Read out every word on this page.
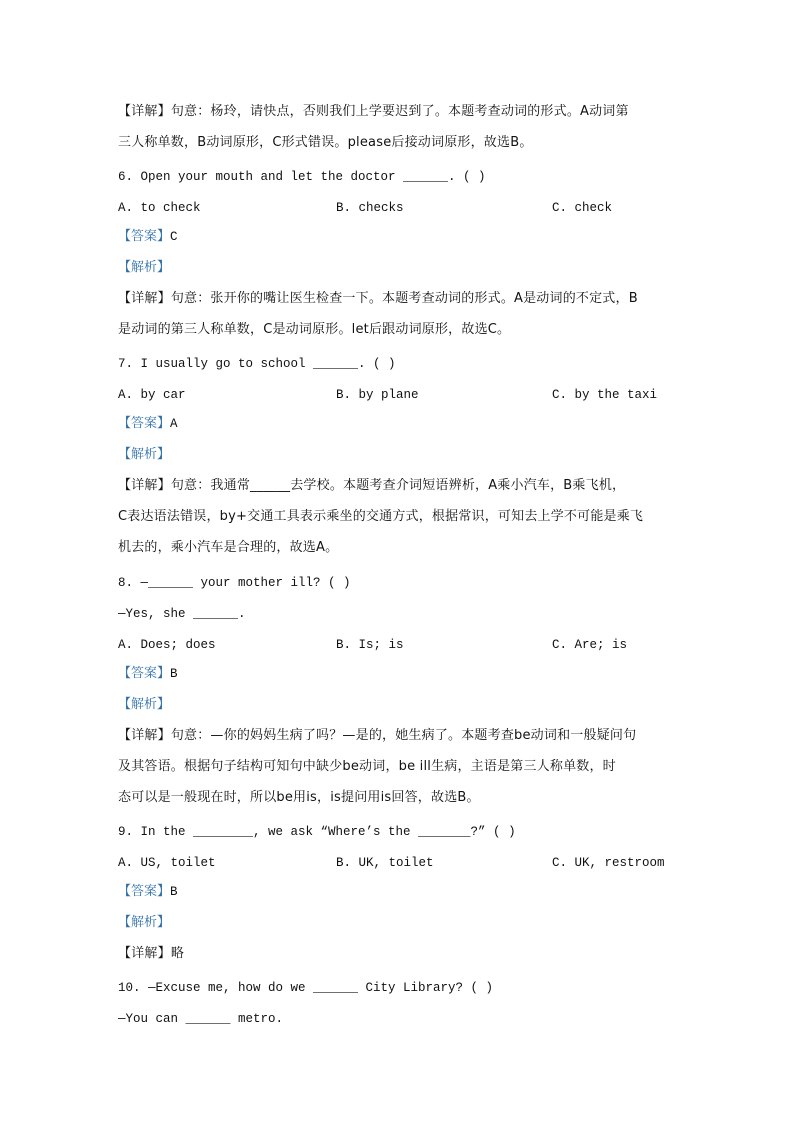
【详解】句意：杨玲，请快点，否则我们上学要迟到了。本题考查动词的形式。A动词第
三人称单数，B动词原形，C形式错误。please后接动词原形，故选B。
6. Open your mouth and let the doctor ______. ( )
A. to check	B. checks	C. check
【答案】C
【解析】
【详解】句意：张开你的嘴让医生检查一下。本题考查动词的形式。A是动词的不定式，B
是动词的第三人称单数，C是动词原形。let后跟动词原形，故选C。
7. I usually go to school ______. ( )
A. by car	B. by plane	C. by the taxi
【答案】A
【解析】
【详解】句意：我通常______去学校。本题考查介词短语辨析，A乘小汽车，B乘飞机，
C表达语法错误，by+交通工具表示乘坐的交通方式，根据常识，可知去上学不可能是乘飞
机去的，乘小汽车是合理的，故选A。
8. —______ your mother ill? ( )
—Yes, she ______.
A. Does; does	B. Is; is	C. Are; is
【答案】B
【解析】
【详解】句意：—你的妈妈生病了吗？—是的，她生病了。本题考查be动词和一般疑问句
及其答语。根据句子结构可知句中缺少be动词，be ill生病，主语是第三人称单数，时
态可以是一般现在时，所以be用is，is提问用is回答，故选B。
9. In the ________, we ask “Where’s the _______?” ( )
A. US, toilet	B. UK, toilet	C. UK, restroom
【答案】B
【解析】
【详解】略
10. —Excuse me, how do we ______ City Library? ( )
—You can ______ metro.
